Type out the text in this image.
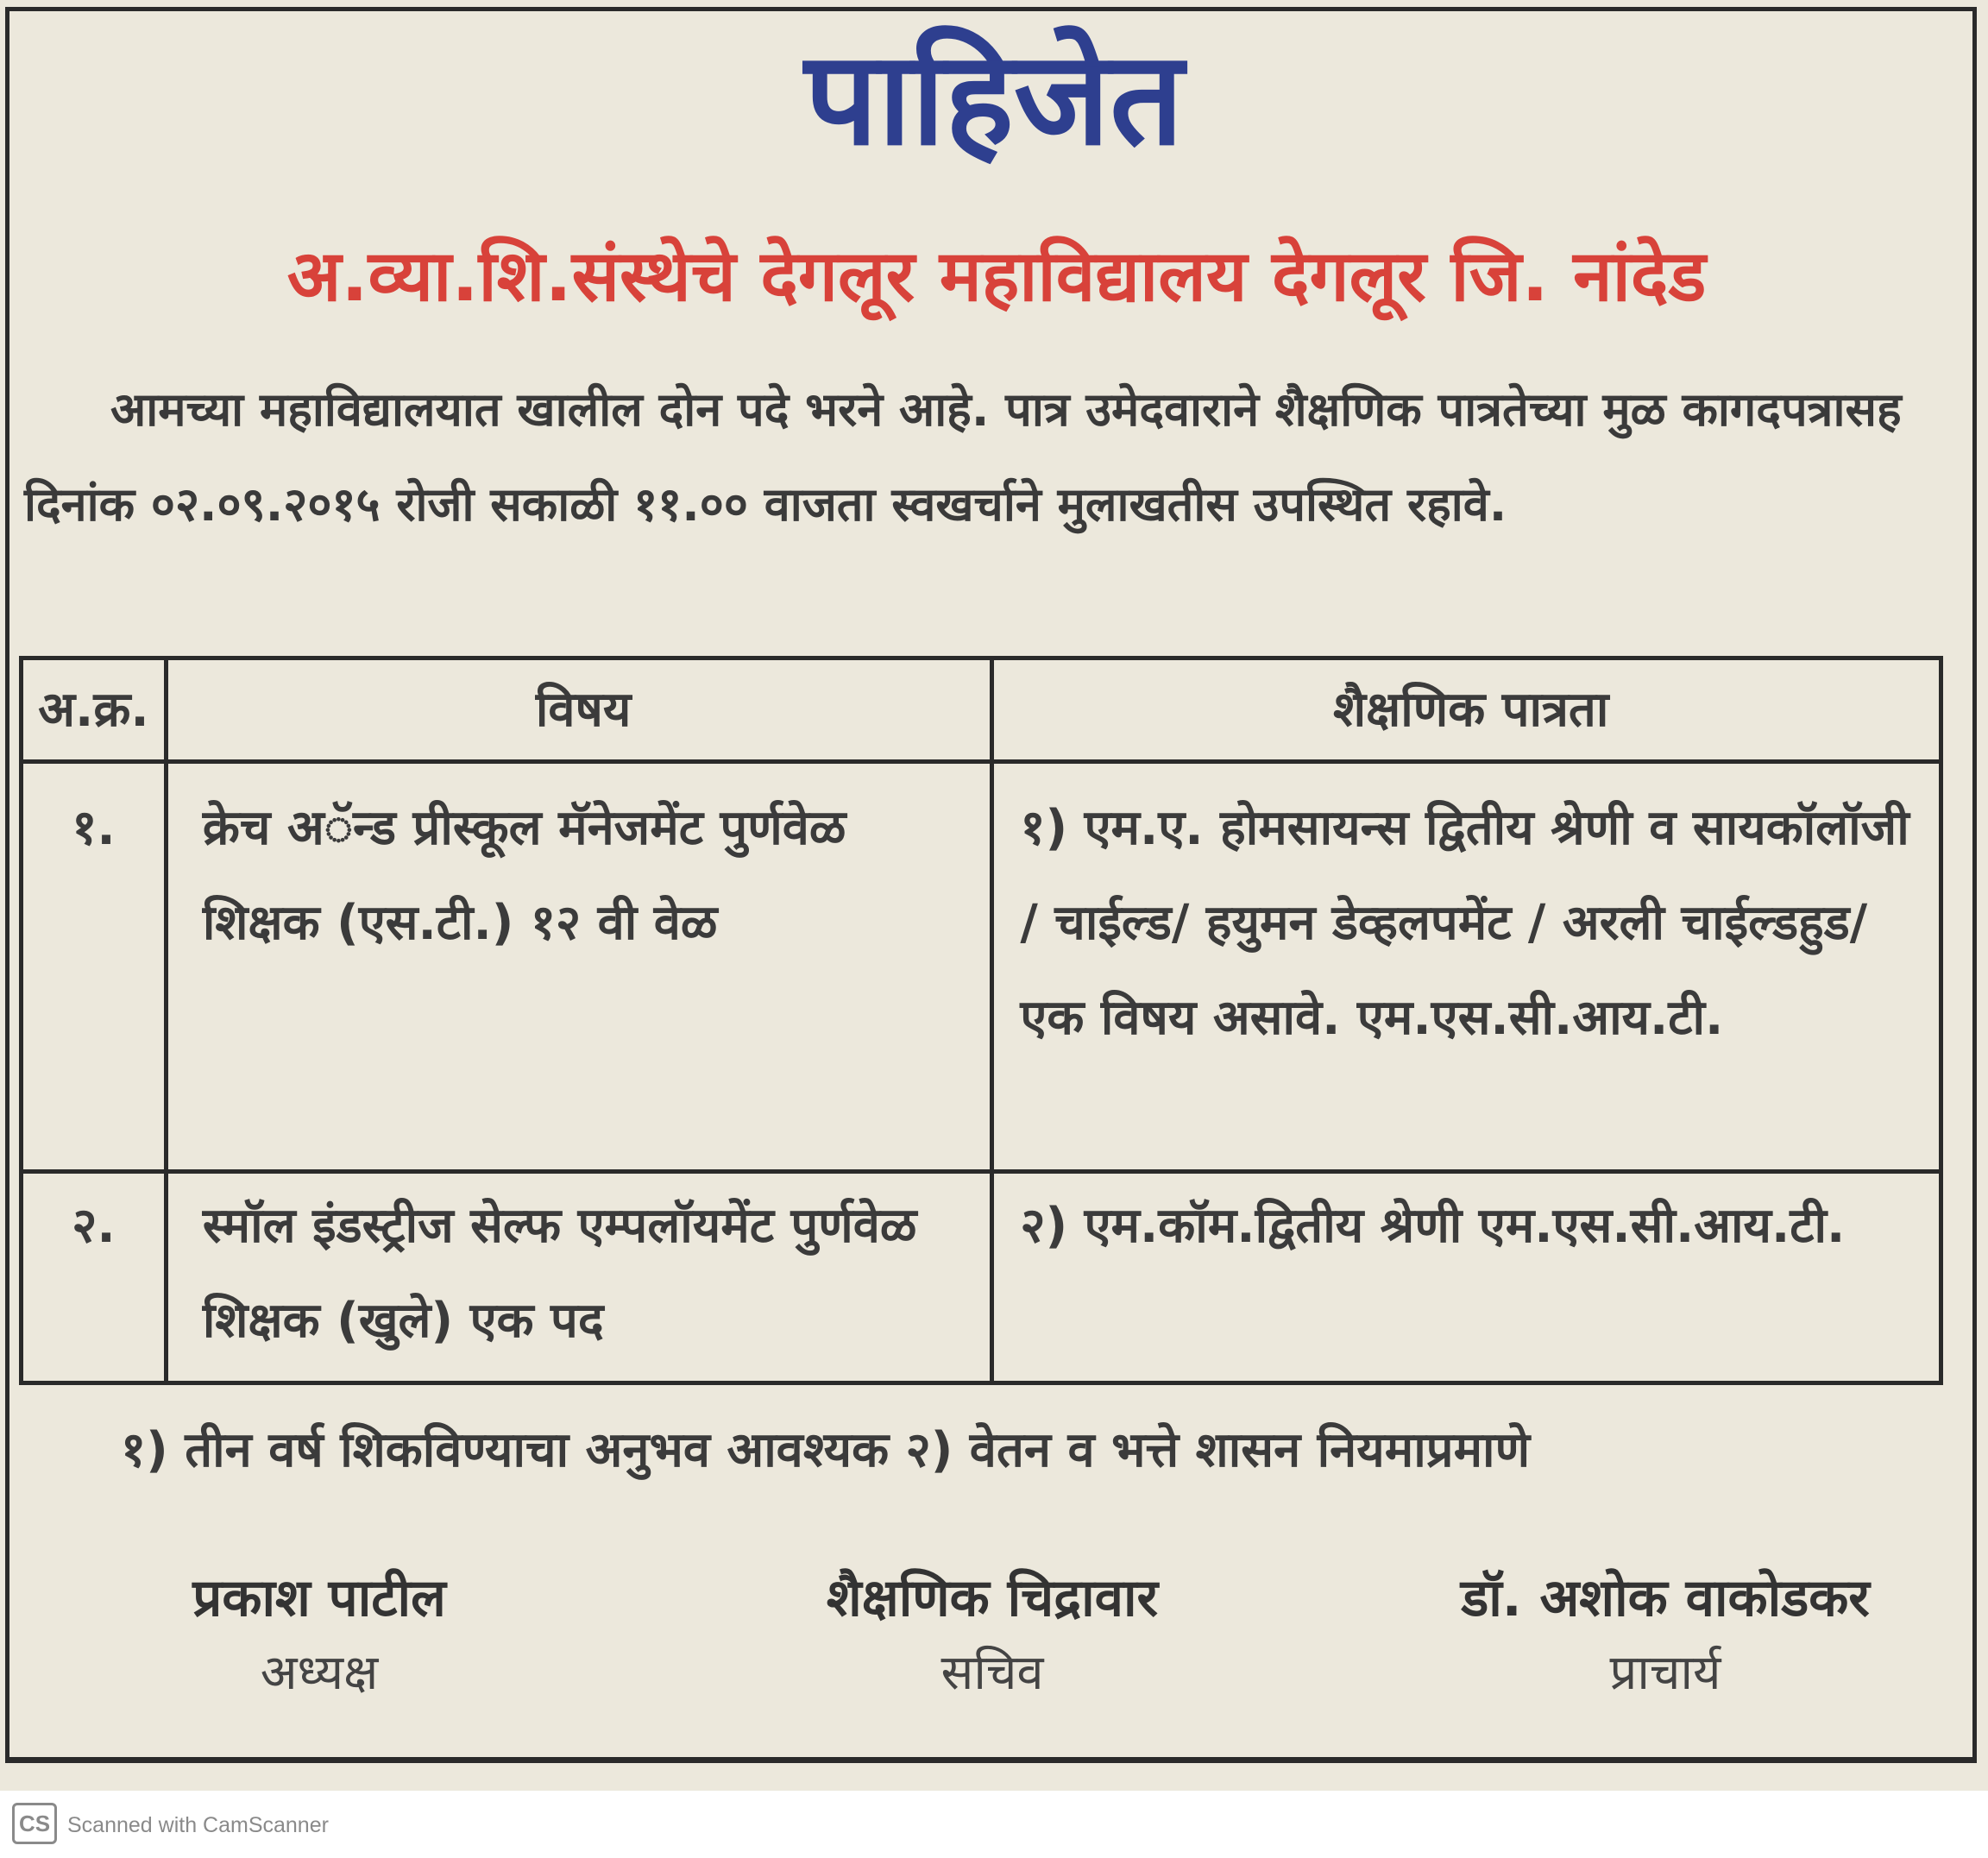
पाहिजेत
अ.व्या.शि.संस्थेचे देगलूर महाविद्यालय देगलूर जि. नांदेड
आमच्या महाविद्यालयात खालील दोन पदे भरने आहे. पात्र उमेदवाराने शैक्षणिक पात्रतेच्या मुळ कागदपत्रासह दिनांक ०२.०९.२०१५ रोजी सकाळी ११.०० वाजता स्वखर्चाने मुलाखतीस उपस्थित रहावे.
अ.क्र.	विषय	शैक्षणिक पात्रता
१.	क्रेच अॅन्ड प्रीस्कूल मॅनेजमेंट पुर्णवेळ शिक्षक (एस.टी.) १२ वी वेळ	१) एम.ए. होमसायन्स द्वितीय श्रेणी व सायकॉलॉजी / चाईल्ड/ हयुमन डेव्हलपमेंट / अरली चाईल्डहुड/ एक विषय असावे. एम.एस.सी.आय.टी.
२.	स्मॉल इंडस्ट्रीज सेल्फ एम्पलॉयमेंट पुर्णवेळ शिक्षक (खुले) एक पद	२) एम.कॉम.द्वितीय श्रेणी एम.एस.सी.आय.टी.
१) तीन वर्ष शिकविण्याचा अनुभव आवश्यक २) वेतन व भत्ते शासन नियमाप्रमाणे
प्रकाश पाटील
अध्यक्ष
शैक्षणिक चिद्रावार
सचिव
डॉ. अशोक वाकोडकर
प्राचार्य
CS Scanned with CamScanner
